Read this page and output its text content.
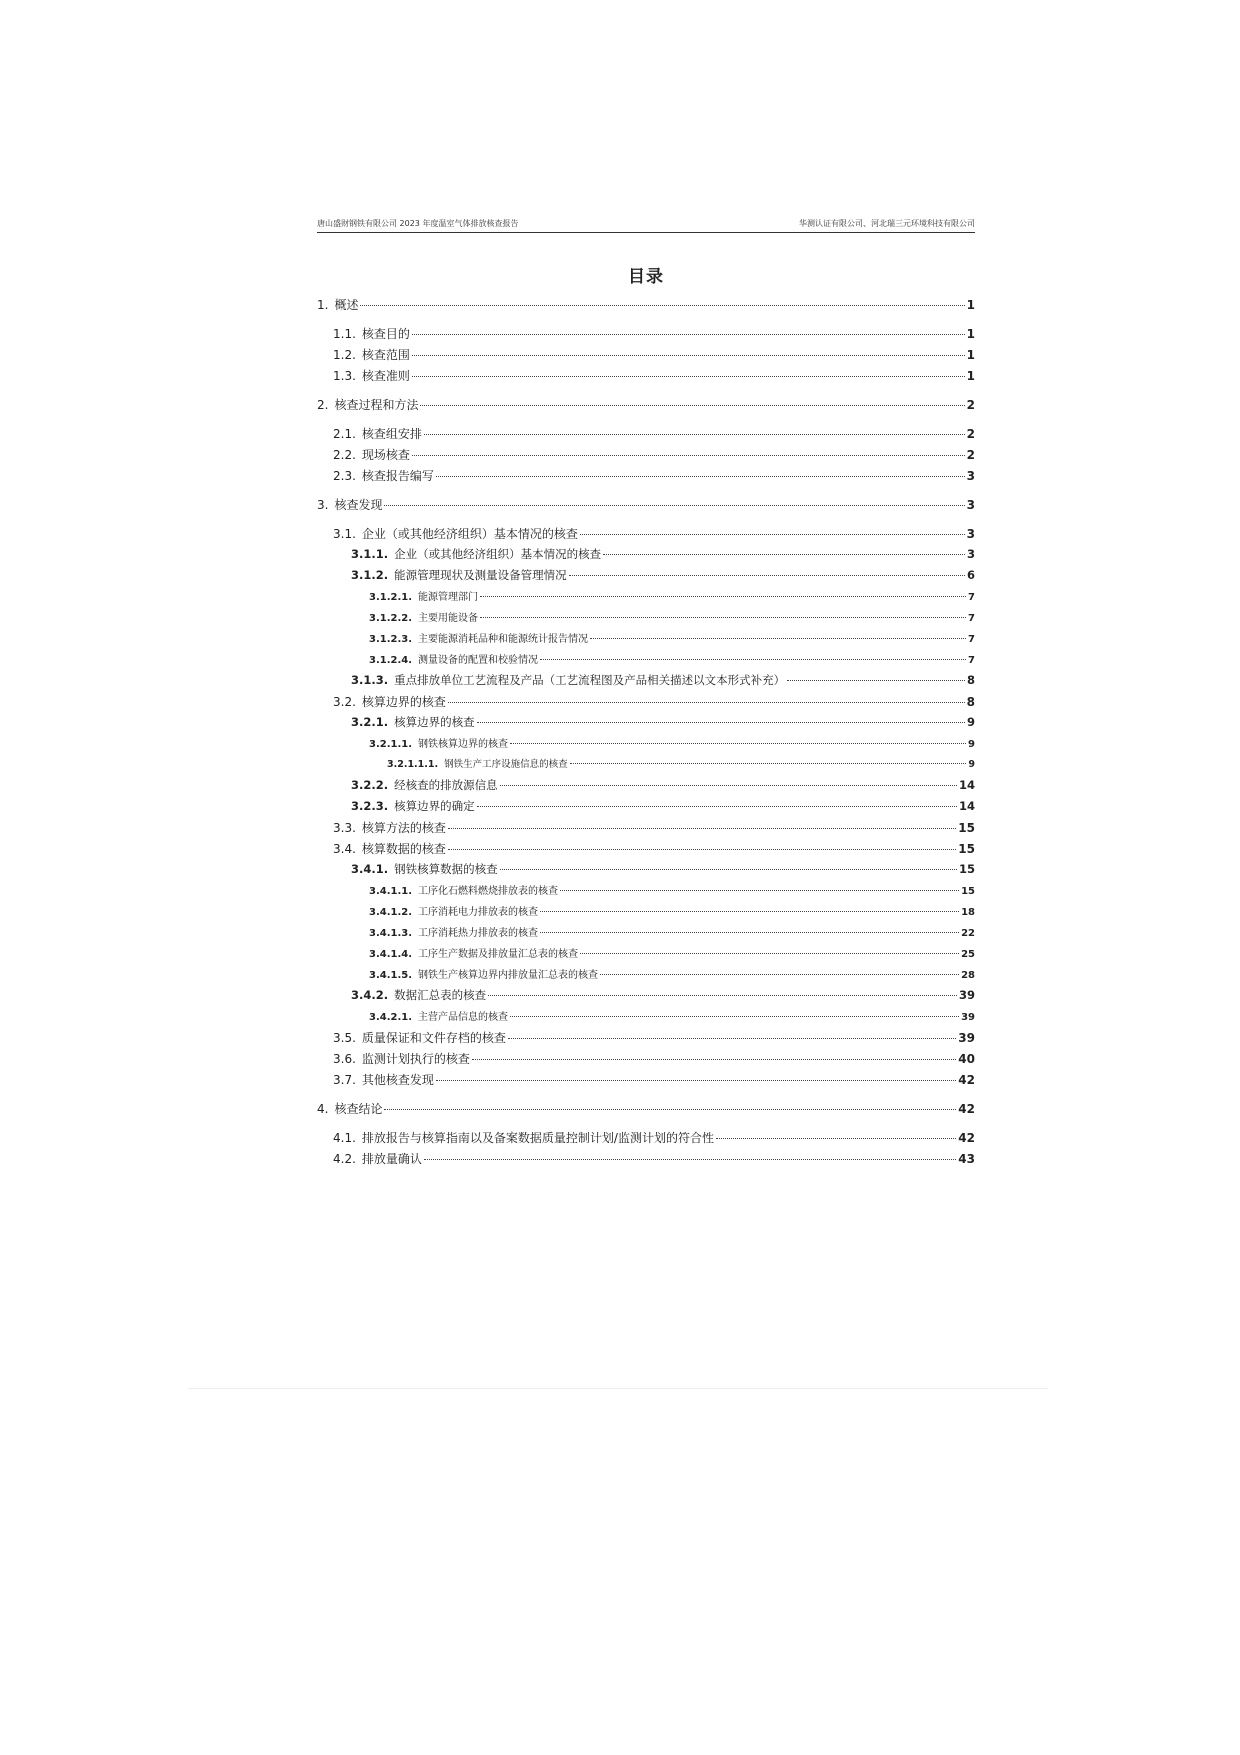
唐山盛财钢铁有限公司 2023 年度温室气体排放核查报告	华测认证有限公司、河北瑞三元环境科技有限公司
目录
1. 概述	1
1.1. 核查目的	1
1.2. 核查范围	1
1.3. 核查准则	1
2. 核查过程和方法	2
2.1. 核查组安排	2
2.2. 现场核查	2
2.3. 核查报告编写	3
3. 核查发现	3
3.1. 企业（或其他经济组织）基本情况的核查	3
3.1.1. 企业（或其他经济组织）基本情况的核查	3
3.1.2. 能源管理现状及测量设备管理情况	6
3.1.2.1. 能源管理部门	7
3.1.2.2. 主要用能设备	7
3.1.2.3. 主要能源消耗品种和能源统计报告情况	7
3.1.2.4. 测量设备的配置和校验情况	7
3.1.3. 重点排放单位工艺流程及产品（工艺流程图及产品相关描述以文本形式补充）	8
3.2. 核算边界的核查	8
3.2.1. 核算边界的核查	9
3.2.1.1. 钢铁核算边界的核查	9
3.2.1.1.1. 钢铁生产工序设施信息的核查	9
3.2.2. 经核查的排放源信息	14
3.2.3. 核算边界的确定	14
3.3. 核算方法的核查	15
3.4. 核算数据的核查	15
3.4.1. 钢铁核算数据的核查	15
3.4.1.1. 工序化石燃料燃烧排放表的核查	15
3.4.1.2. 工序消耗电力排放表的核查	18
3.4.1.3. 工序消耗热力排放表的核查	22
3.4.1.4. 工序生产数据及排放量汇总表的核查	25
3.4.1.5. 钢铁生产核算边界内排放量汇总表的核查	28
3.4.2. 数据汇总表的核查	39
3.4.2.1. 主营产品信息的核查	39
3.5. 质量保证和文件存档的核查	39
3.6. 监测计划执行的核查	40
3.7. 其他核查发现	42
4. 核查结论	42
4.1. 排放报告与核算指南以及备案数据质量控制计划/监测计划的符合性	42
4.2. 排放量确认	43
